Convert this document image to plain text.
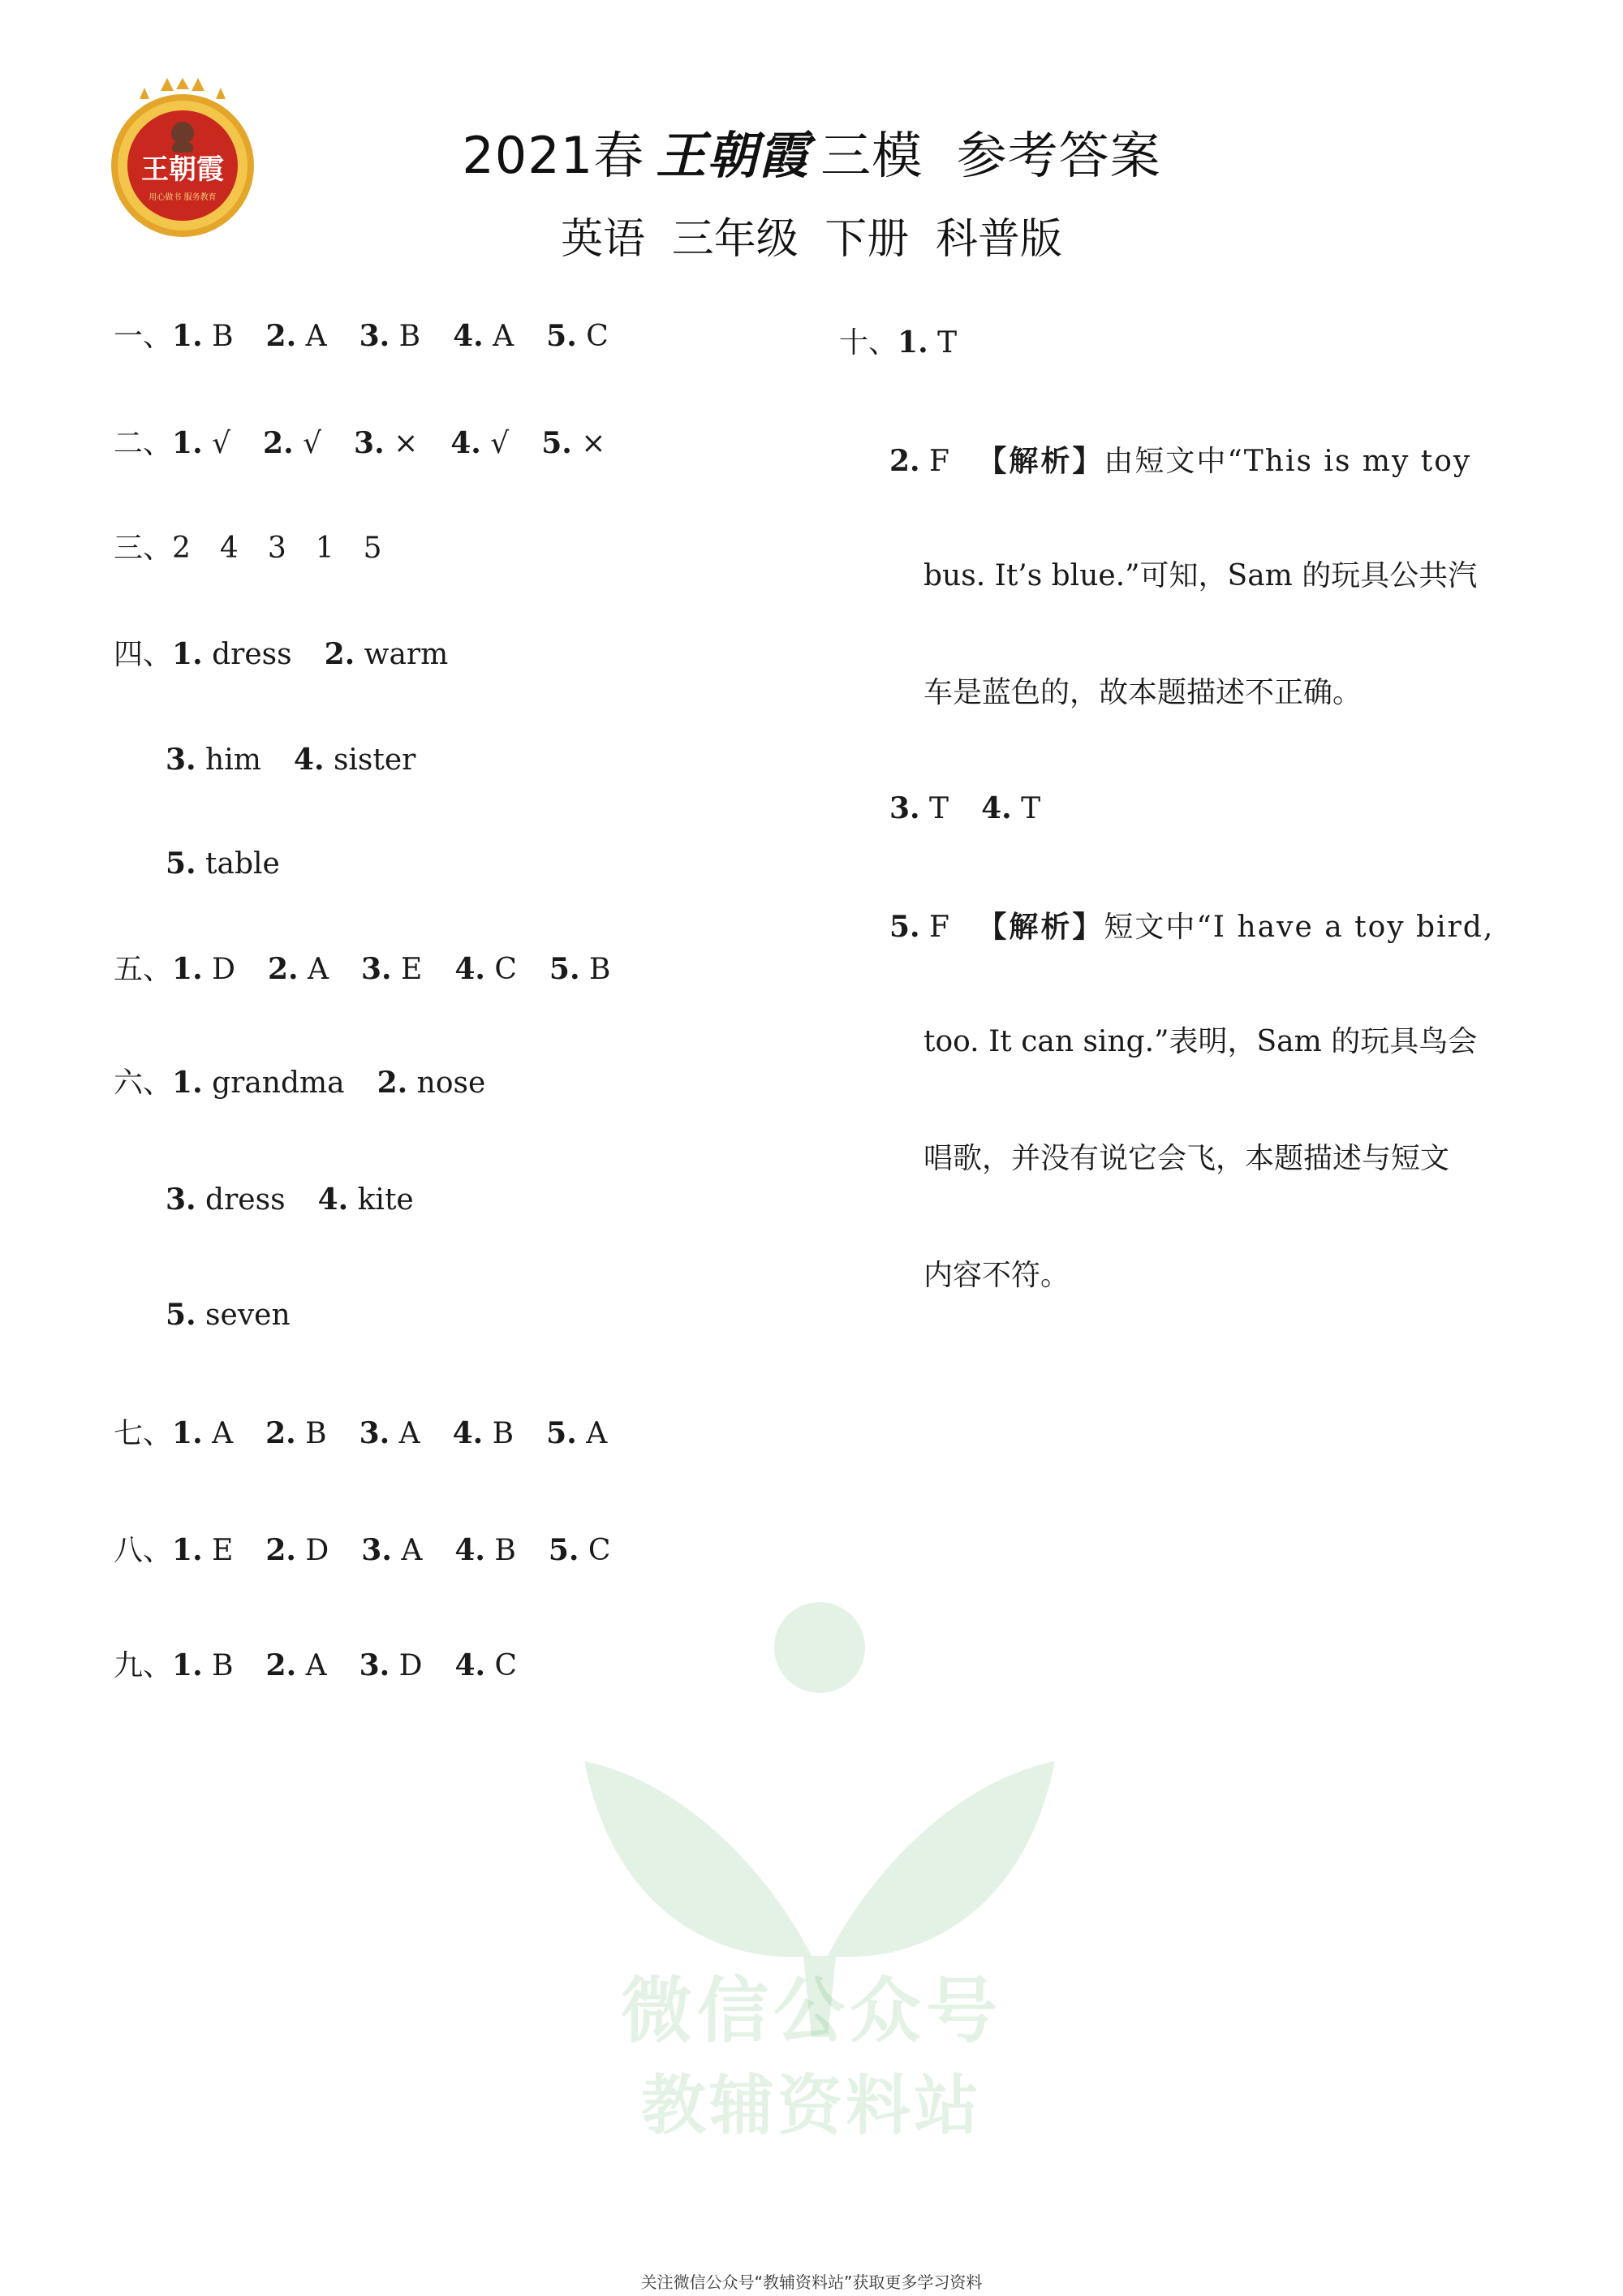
王朝霞
用心做书 服务教育
2021春 王朝霞 三模 参考答案
英语 三年级 下册 科普版
一、1. B 2. A 3. B 4. A 5. C
二、1. √ 2. √ 3. × 4. √ 5. ×
三、2 4 3 1 5
四、1. dress 2. warm
3. him 4. sister
5. table
五、1. D 2. A 3. E 4. C 5. B
六、1. grandma 2. nose
3. dress 4. kite
5. seven
七、1. A 2. B 3. A 4. B 5. A
八、1. E 2. D 3. A 4. B 5. C
九、1. B 2. A 3. D 4. C
十、1. T
2. F 【解析】由短文中“This is my toy
bus. It’s blue.”可知，Sam 的玩具公共汽
车是蓝色的，故本题描述不正确。
3. T 4. T
5. F 【解析】短文中“I have a toy bird,
too. It can sing.”表明，Sam 的玩具鸟会
唱歌，并没有说它会飞，本题描述与短文
内容不符。
微信公众号
教辅资料站
关注微信公众号“教辅资料站”获取更多学习资料
